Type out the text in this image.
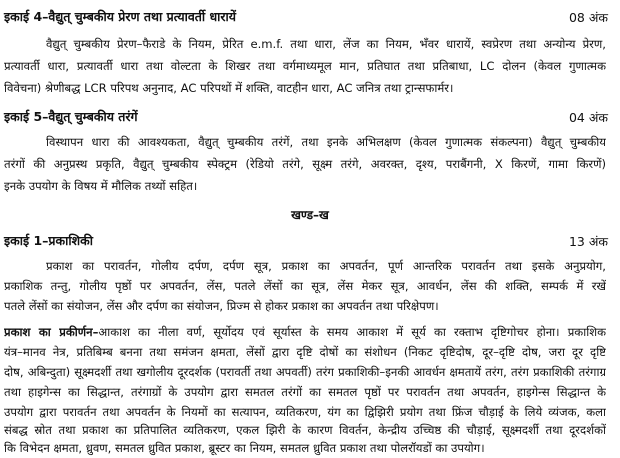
इकाई 4–वैद्युत् चुम्बकीय प्रेरण तथा प्रत्यावर्ती धारायें	08 अंक
वैद्युत् चुम्बकीय प्रेरण–फैराडे के नियम, प्रेरित e.m.f. तथा धारा, लेंज का नियम, भँवर धारायें, स्वप्रेरण तथा अन्योन्य प्रेरण,
प्रत्यावर्ती धारा, प्रत्यावर्ती धारा तथा वोल्टता के शिखर तथा वर्गमाध्यमूल मान, प्रतिघात तथा प्रतिबाधा, LC दोलन (केवल गुणात्मक
विवेचना) श्रेणीबद्ध LCR परिपथ अनुनाद, AC परिपथों में शक्ति, वाटहीन धारा, AC जनित्र तथा ट्रान्सफार्मर।
इकाई 5–वैद्युत् चुम्बकीय तरंगें	04 अंक
विस्थापन धारा की आवश्यकता, वैद्युत् चुम्बकीय तरंगें, तथा इनके अभिलक्षण (केवल गुणात्मक संकल्पना) वैद्युत् चुम्बकीय
तरंगों की अनुप्रस्थ प्रकृति, वैद्युत् चुम्बकीय स्पेक्ट्रम (रेडियो तरंगे, सूक्ष्म तरंगे, अवरक्त, दृश्य, पराबैंगनी, X किरणें, गामा किरणें)
इनके उपयोग के विषय में मौलिक तथ्यों सहित।
खण्ड–ख
इकाई 1–प्रकाशिकी	13 अंक
प्रकाश का परावर्तन, गोलीय दर्पण, दर्पण सूत्र, प्रकाश का अपवर्तन, पूर्ण आन्तरिक परावर्तन तथा इसके अनुप्रयोग,
प्रकाशिक तन्तु, गोलीय पृष्ठों पर अपवर्तन, लेंस, पतले लेंसों का सूत्र, लेंस मेकर सूत्र, आवर्धन, लेंस की शक्ति, सम्पर्क में रखें
पतले लेंसों का संयोजन, लेंस और दर्पण का संयोजन, प्रिज्म से होकर प्रकाश का अपवर्तन तथा परिक्षेपण।
प्रकाश का प्रकीर्णन–आकाश का नीला वर्ण, सूर्योदय एवं सूर्यास्त के समय आकाश में सूर्य का रक्ताभ दृष्टिगोचर होना। प्रकाशिक
यंत्र–मानव नेत्र, प्रतिबिम्ब बनना तथा समंजन क्षमता, लेंसों द्वारा दृष्टि दोषों का संशोधन (निकट दृष्टिदोष, दूर–दृष्टि दोष, जरा दूर दृष्टि
दोष, अबिन्दुता) सूक्ष्मदर्शी तथा खगोलीय दूरदर्शक (परावर्ती तथा अपवर्ती) तरंग प्रकाशिकी–इनकी आवर्धन क्षमतायें तरंग, तरंग प्रकाशिकी तरंगाग्र
तथा हाइगेन्स का सिद्धान्त, तरंगाग्रों के उपयोग द्वारा समतल तरंगों का समतल पृष्ठों पर परावर्तन तथा अपवर्तन, हाइगेन्स सिद्धान्त के
उपयोग द्वारा परावर्तन तथा अपवर्तन के नियमों का सत्यापन, व्यतिकरण, यंग का द्विझिरी प्रयोग तथा फ्रिंज चौड़ाई के लिये व्यंजक, कला
संबद्ध स्रोत तथा प्रकाश का प्रतिपालित व्यतिकरण, एकल झिरी के कारण विवर्तन, केन्द्रीय उच्चिष्ठ की चौड़ाई, सूक्ष्मदर्शी तथा दूरदर्शकों
कि विभेदन क्षमता, ध्रुवण, समतल ध्रुवित प्रकाश, ब्रूस्टर का नियम, समतल ध्रुवित प्रकाश तथा पोलरॉयडों का उपयोग।
